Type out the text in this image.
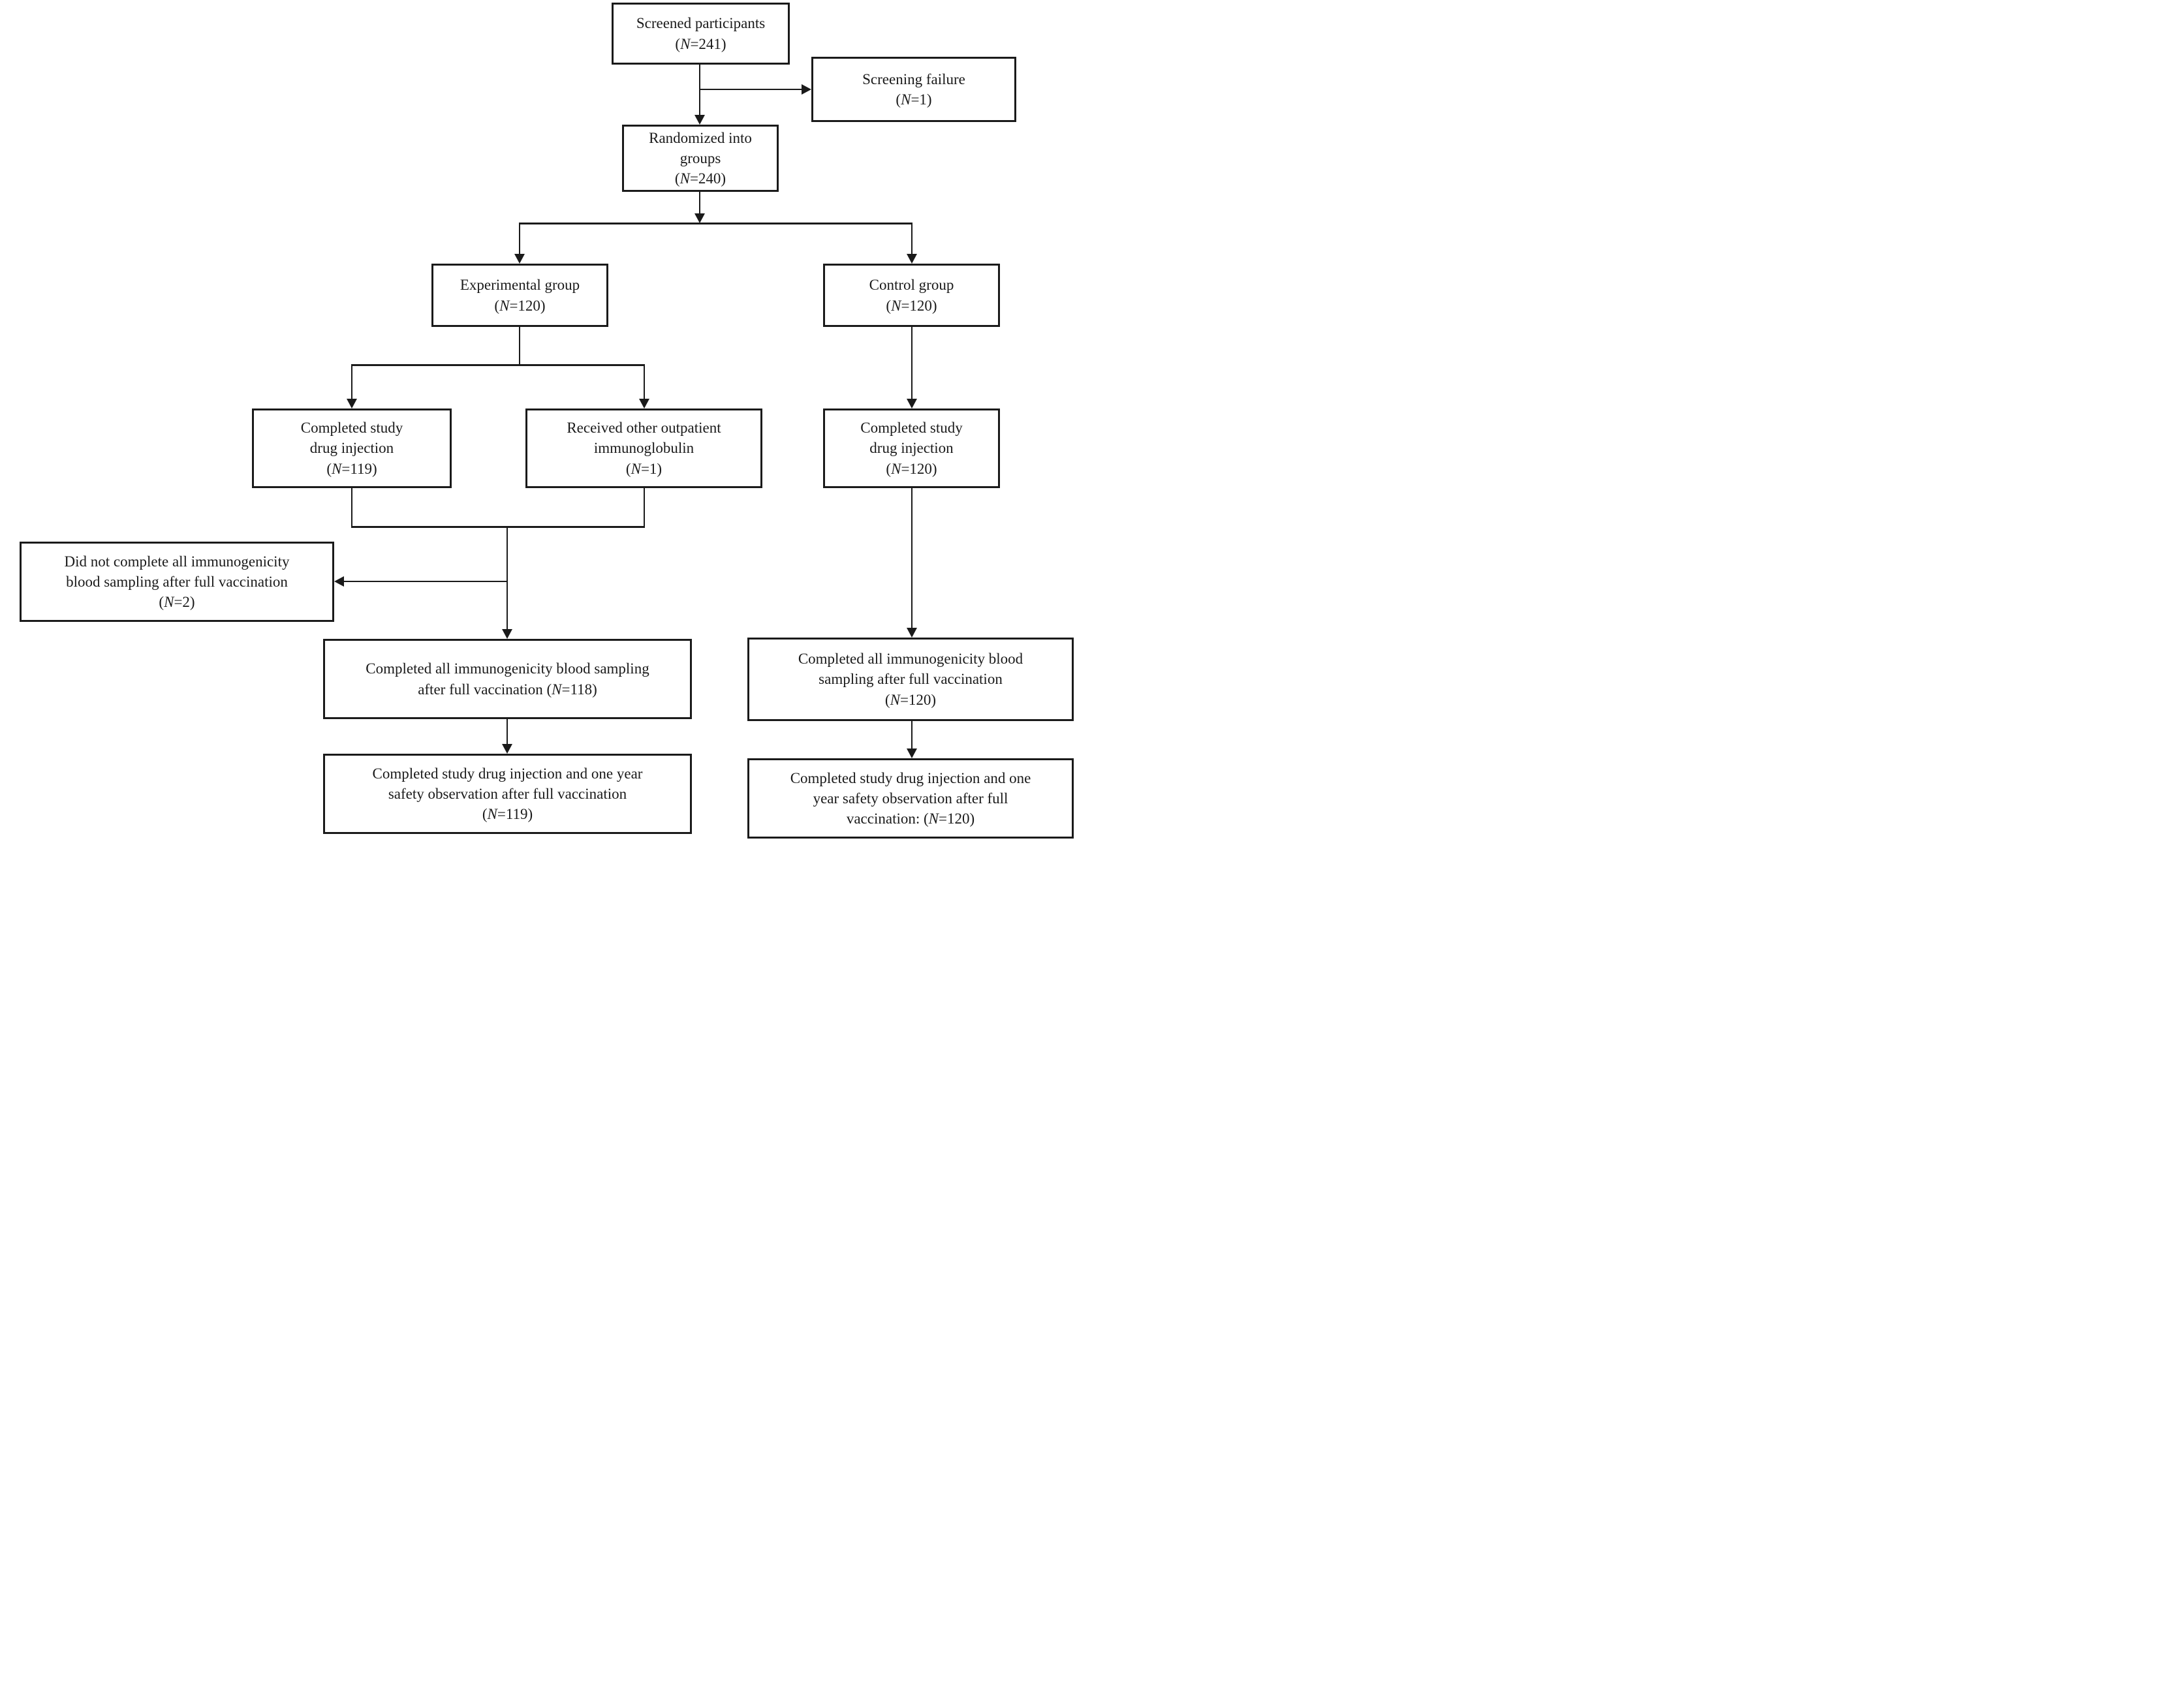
Screened participants
(N=241)
Screening failure
(N=1)
Randomized into
groups
(N=240)
Experimental group
(N=120)
Control group
(N=120)
Completed study
drug injection
(N=119)
Received other outpatient
immunoglobulin
(N=1)
Completed study
drug injection
(N=120)
Did not complete all immunogenicity
blood sampling after full vaccination
(N=2)
Completed all immunogenicity blood sampling
after full vaccination (N=118)
Completed all immunogenicity blood
sampling after full vaccination
(N=120)
Completed study drug injection and one year
safety observation after full vaccination
(N=119)
Completed study drug injection and one
year safety observation after full
vaccination: (N=120)
